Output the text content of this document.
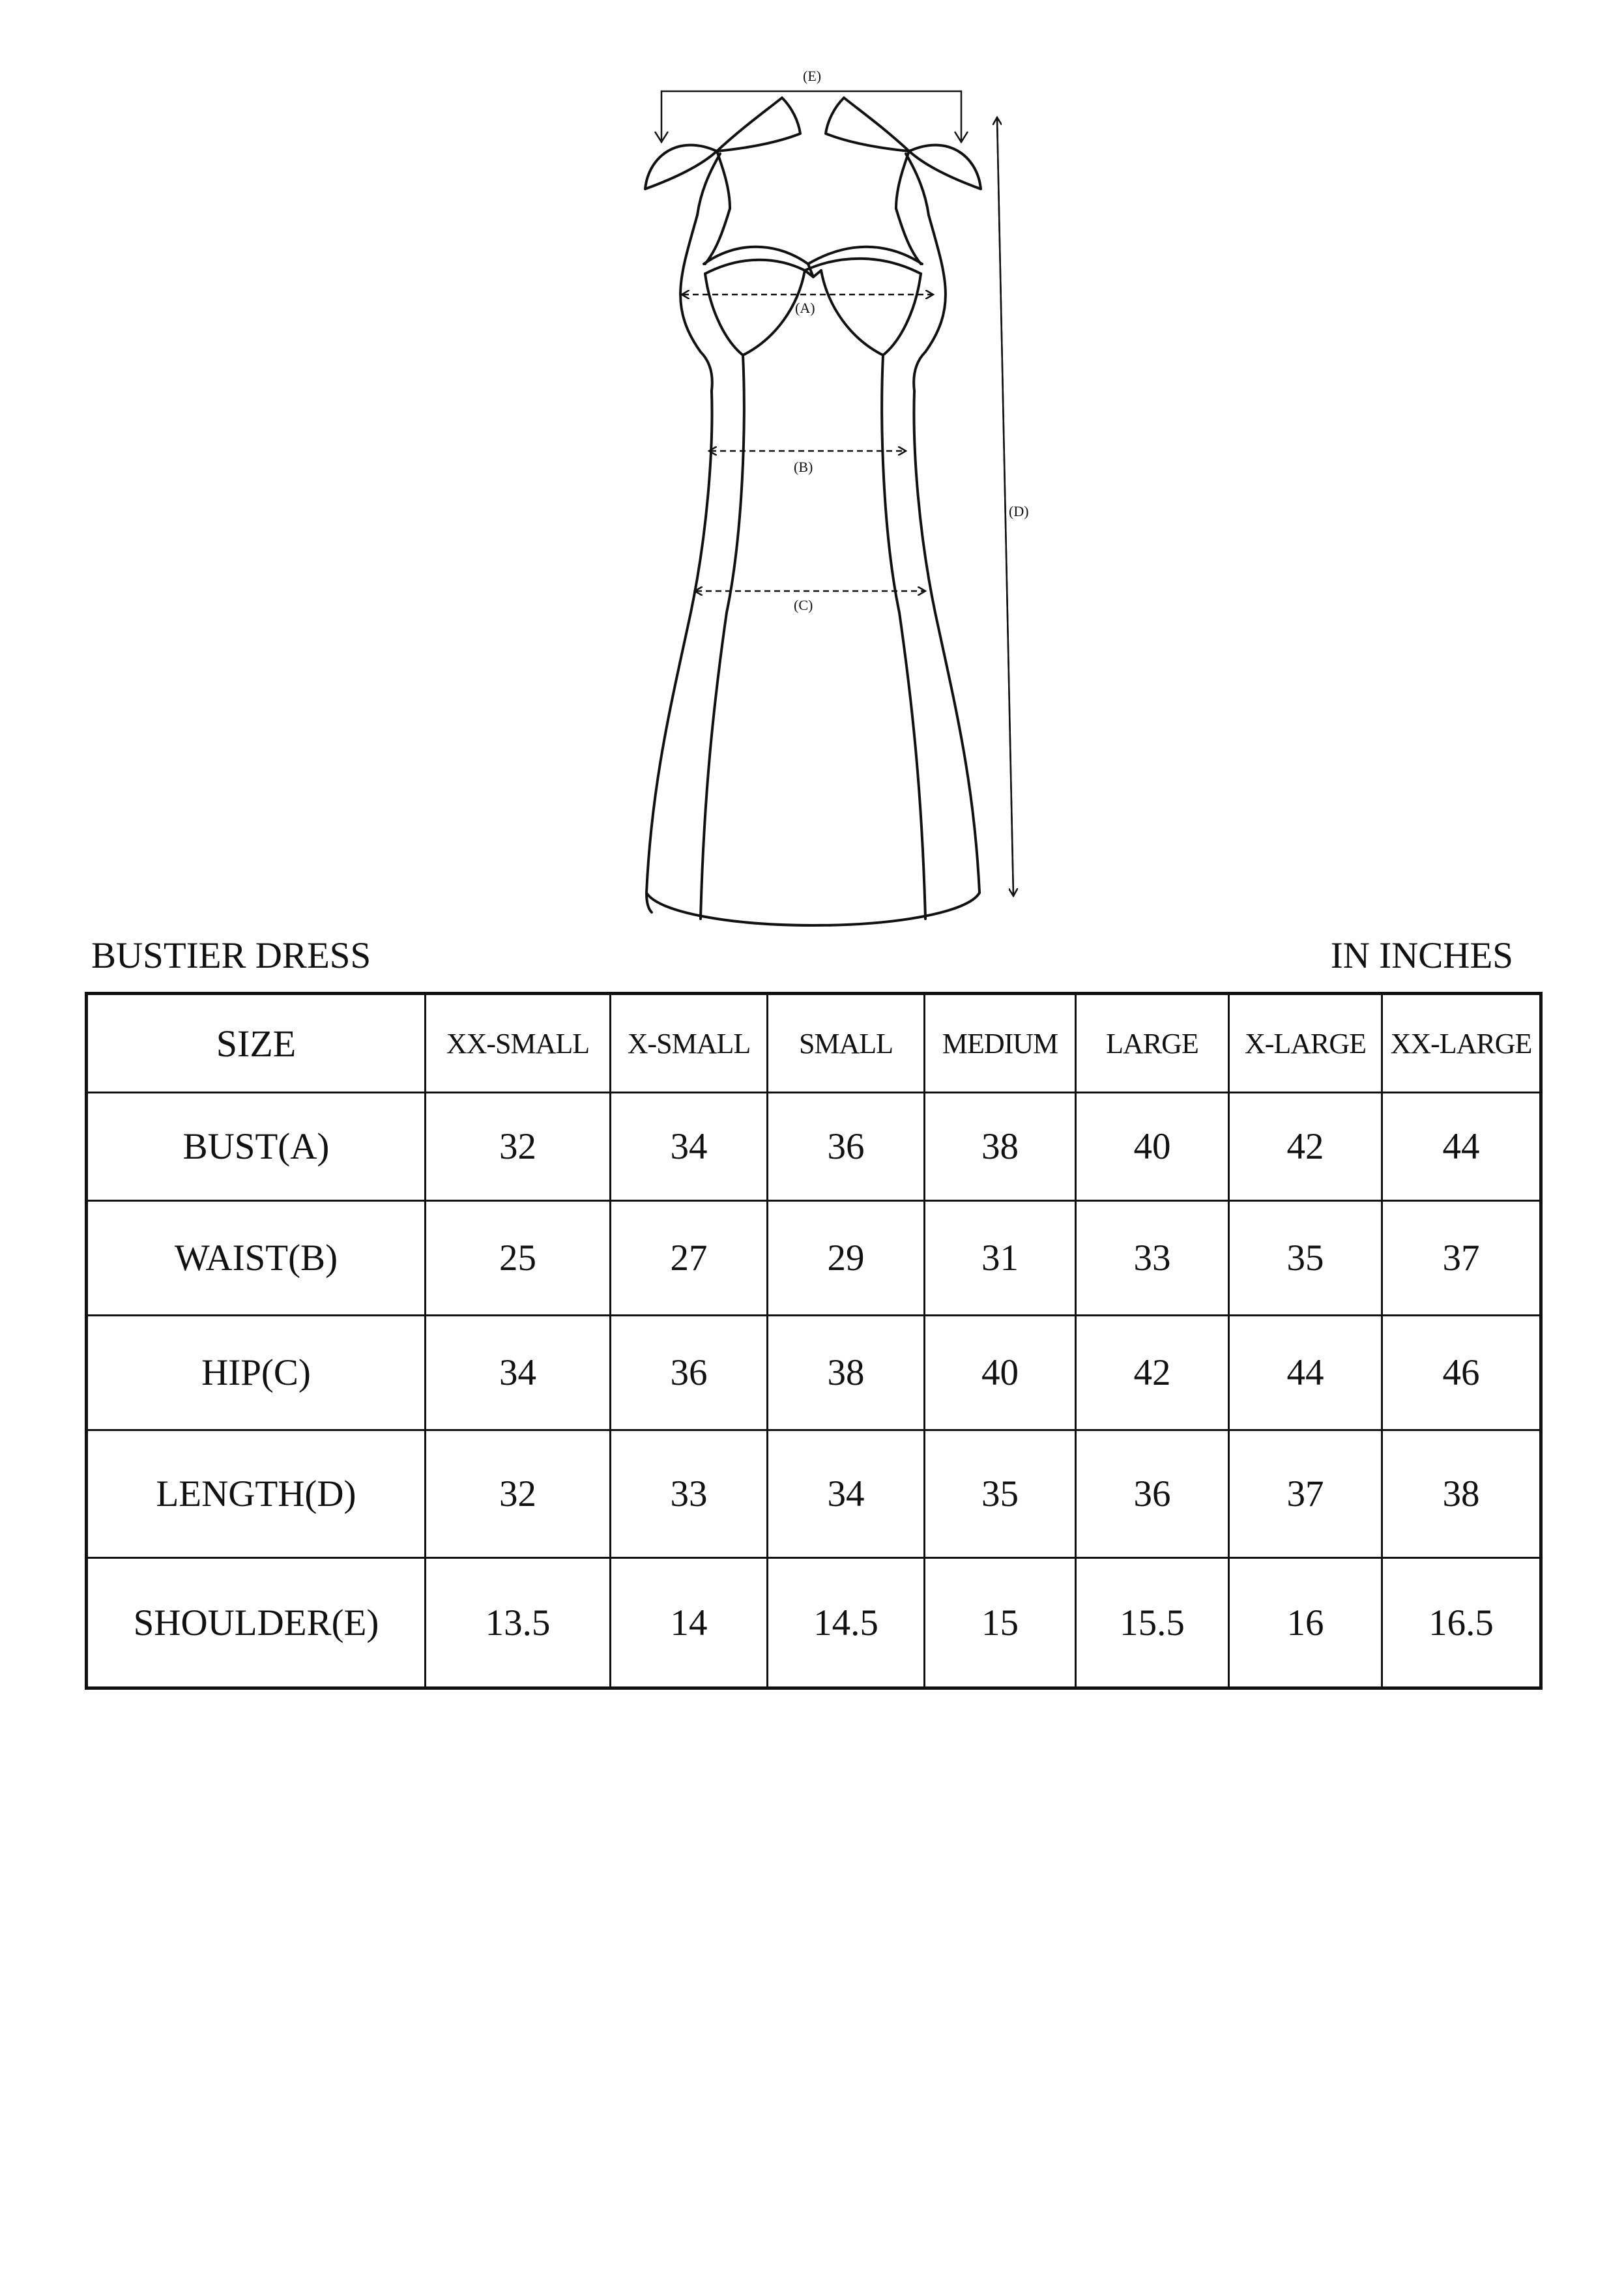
(E)
(A)
(B)
(C)
(D)
BUSTIER DRESS	IN INCHES
SIZE	XX-SMALL	X-SMALL	SMALL	MEDIUM	LARGE	X-LARGE	XX-LARGE
BUST(A)	32	34	36	38	40	42	44
WAIST(B)	25	27	29	31	33	35	37
HIP(C)	34	36	38	40	42	44	46
LENGTH(D)	32	33	34	35	36	37	38
SHOULDER(E)	13.5	14	14.5	15	15.5	16	16.5
